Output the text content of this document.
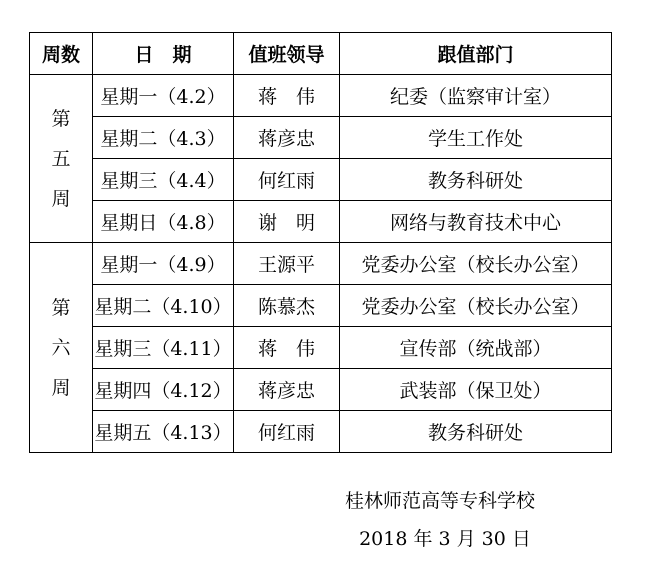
周数	日　期	值班领导	跟值部门

第
五
周	星期一（4.2）	蒋　伟	纪委（监察审计室）
	星期二（4.3）	蒋彦忠	学生工作处
	星期三（4.4）	何红雨	教务科研处
	星期日（4.8）	谢　明	网络与教育技术中心

第
六
周	星期一（4.9）	王源平	党委办公室（校长办公室）
	星期二（4.10）	陈慕杰	党委办公室（校长办公室）
	星期三（4.11）	蒋　伟	宣传部（统战部）
	星期四（4.12）	蒋彦忠	武装部（保卫处）
	星期五（4.13）	何红雨	教务科研处
桂林师范高等专科学校
2018 年 3 月 30 日
